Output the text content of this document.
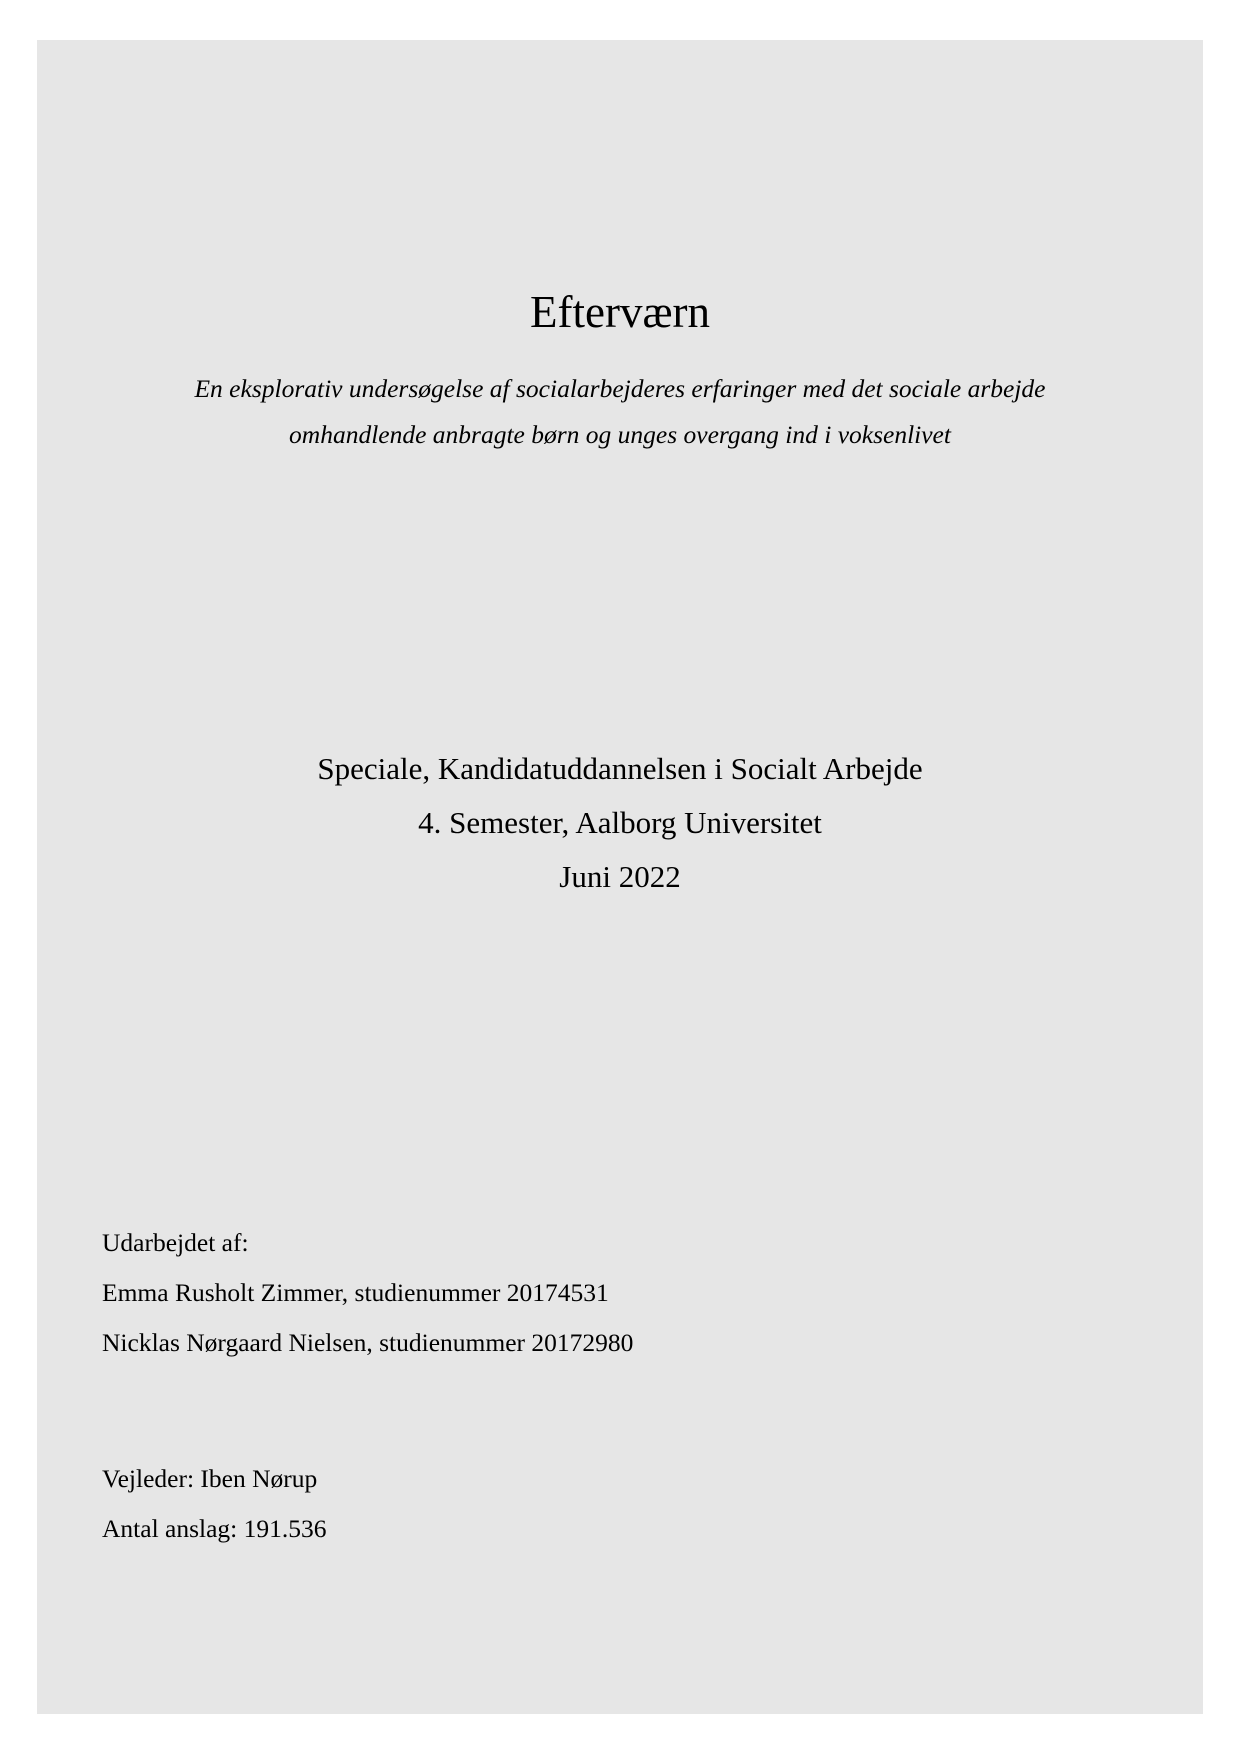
Efterværn
En eksplorativ undersøgelse af socialarbejderes erfaringer med det sociale arbejde
omhandlende anbragte børn og unges overgang ind i voksenlivet
Speciale, Kandidatuddannelsen i Socialt Arbejde
4. Semester, Aalborg Universitet
Juni 2022
Udarbejdet af:
Emma Rusholt Zimmer, studienummer 20174531
Nicklas Nørgaard Nielsen, studienummer 20172980
Vejleder: Iben Nørup
Antal anslag: 191.536
